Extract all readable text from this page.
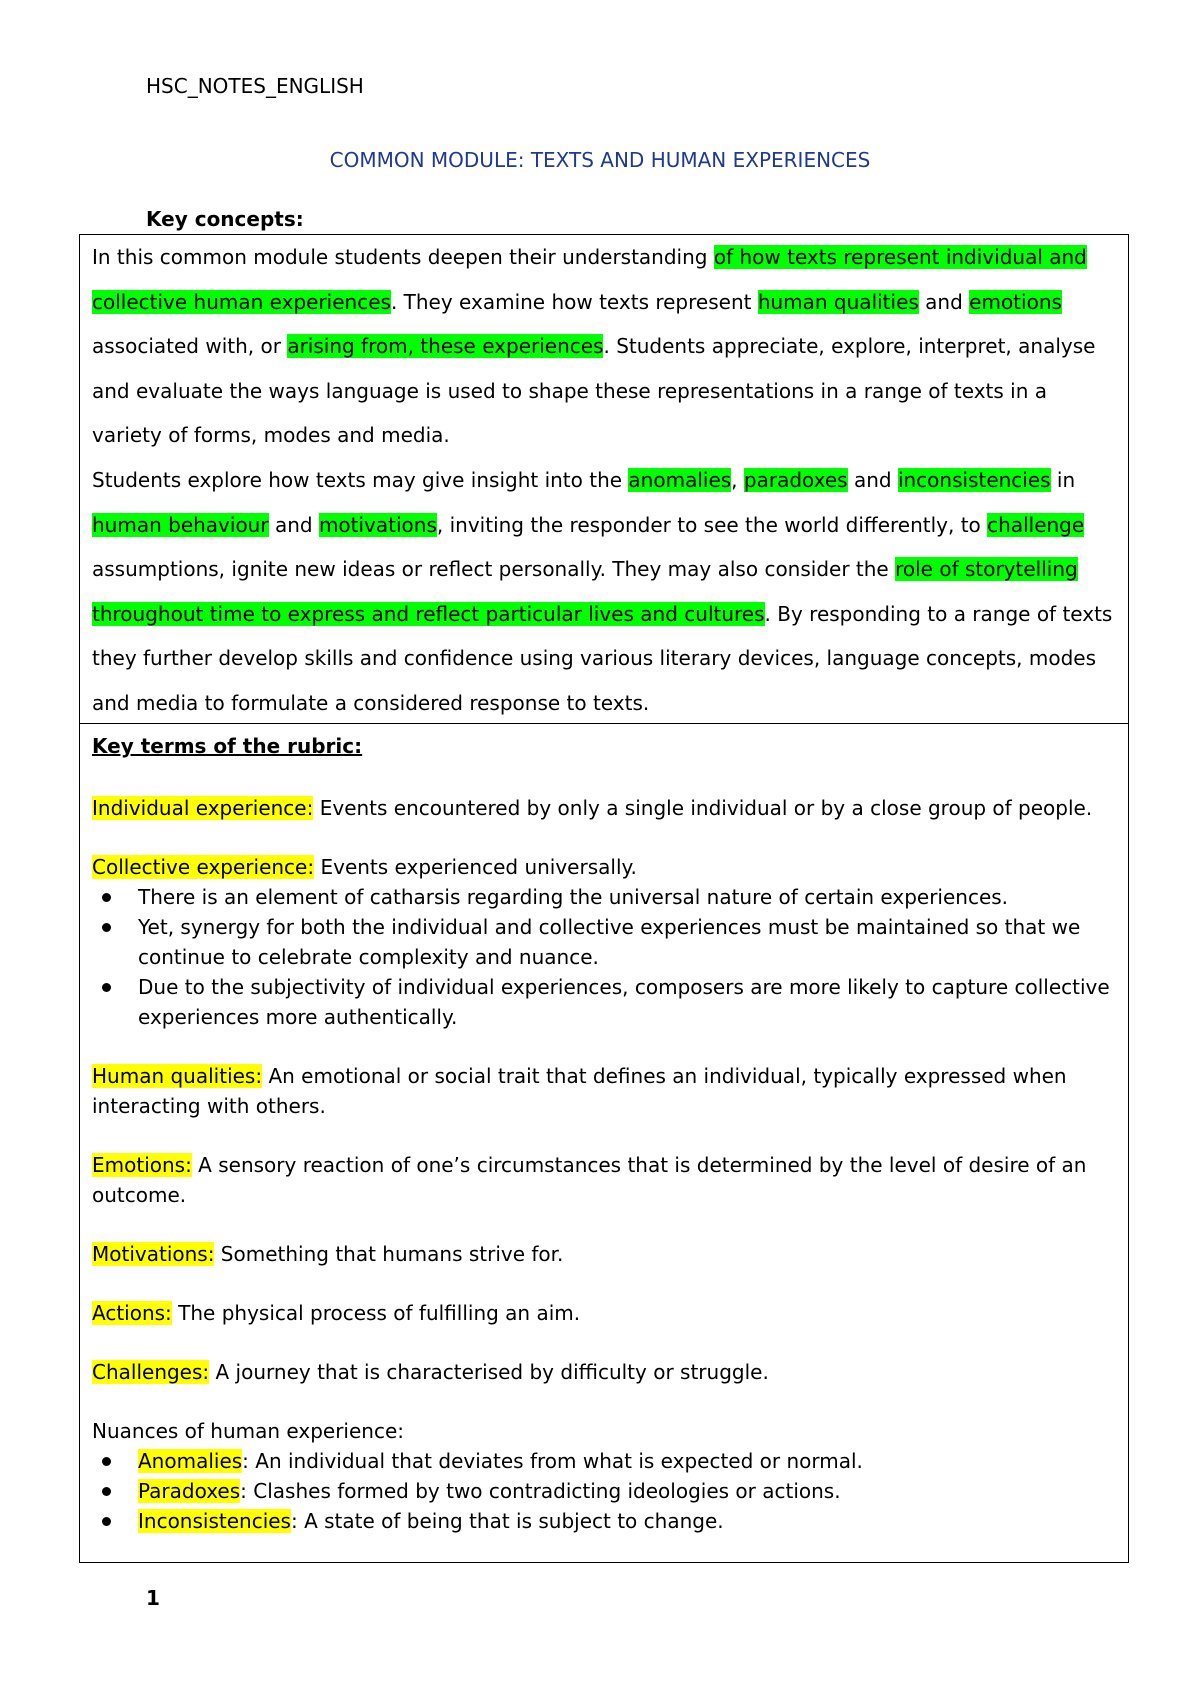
HSC_NOTES_ENGLISH
COMMON MODULE: TEXTS AND HUMAN EXPERIENCES
Key concepts:

In this common module students deepen their understanding of how texts represent individual and collective human experiences. They examine how texts represent human qualities and emotions associated with, or arising from, these experiences. Students appreciate, explore, interpret, analyse and evaluate the ways language is used to shape these representations in a range of texts in a variety of forms, modes and media.

Students explore how texts may give insight into the anomalies, paradoxes and inconsistencies in human behaviour and motivations, inviting the responder to see the world differently, to challenge assumptions, ignite new ideas or reflect personally. They may also consider the role of storytelling throughout time to express and reflect particular lives and cultures. By responding to a range of texts they further develop skills and confidence using various literary devices, language concepts, modes and media to formulate a considered response to texts.

Key terms of the rubric:
Individual experience: Events encountered by only a single individual or by a close group of people.
Collective experience: Events experienced universally.
There is an element of catharsis regarding the universal nature of certain experiences.
Yet, synergy for both the individual and collective experiences must be maintained so that we continue to celebrate complexity and nuance.
Due to the subjectivity of individual experiences, composers are more likely to capture collective experiences more authentically.
Human qualities: An emotional or social trait that defines an individual, typically expressed when interacting with others.
Emotions: A sensory reaction of one’s circumstances that is determined by the level of desire of an outcome.
Motivations: Something that humans strive for.
Actions: The physical process of fulfilling an aim.
Challenges: A journey that is characterised by difficulty or struggle.
Nuances of human experience:
Anomalies: An individual that deviates from what is expected or normal.
Paradoxes: Clashes formed by two contradicting ideologies or actions.
Inconsistencies: A state of being that is subject to change.
1
